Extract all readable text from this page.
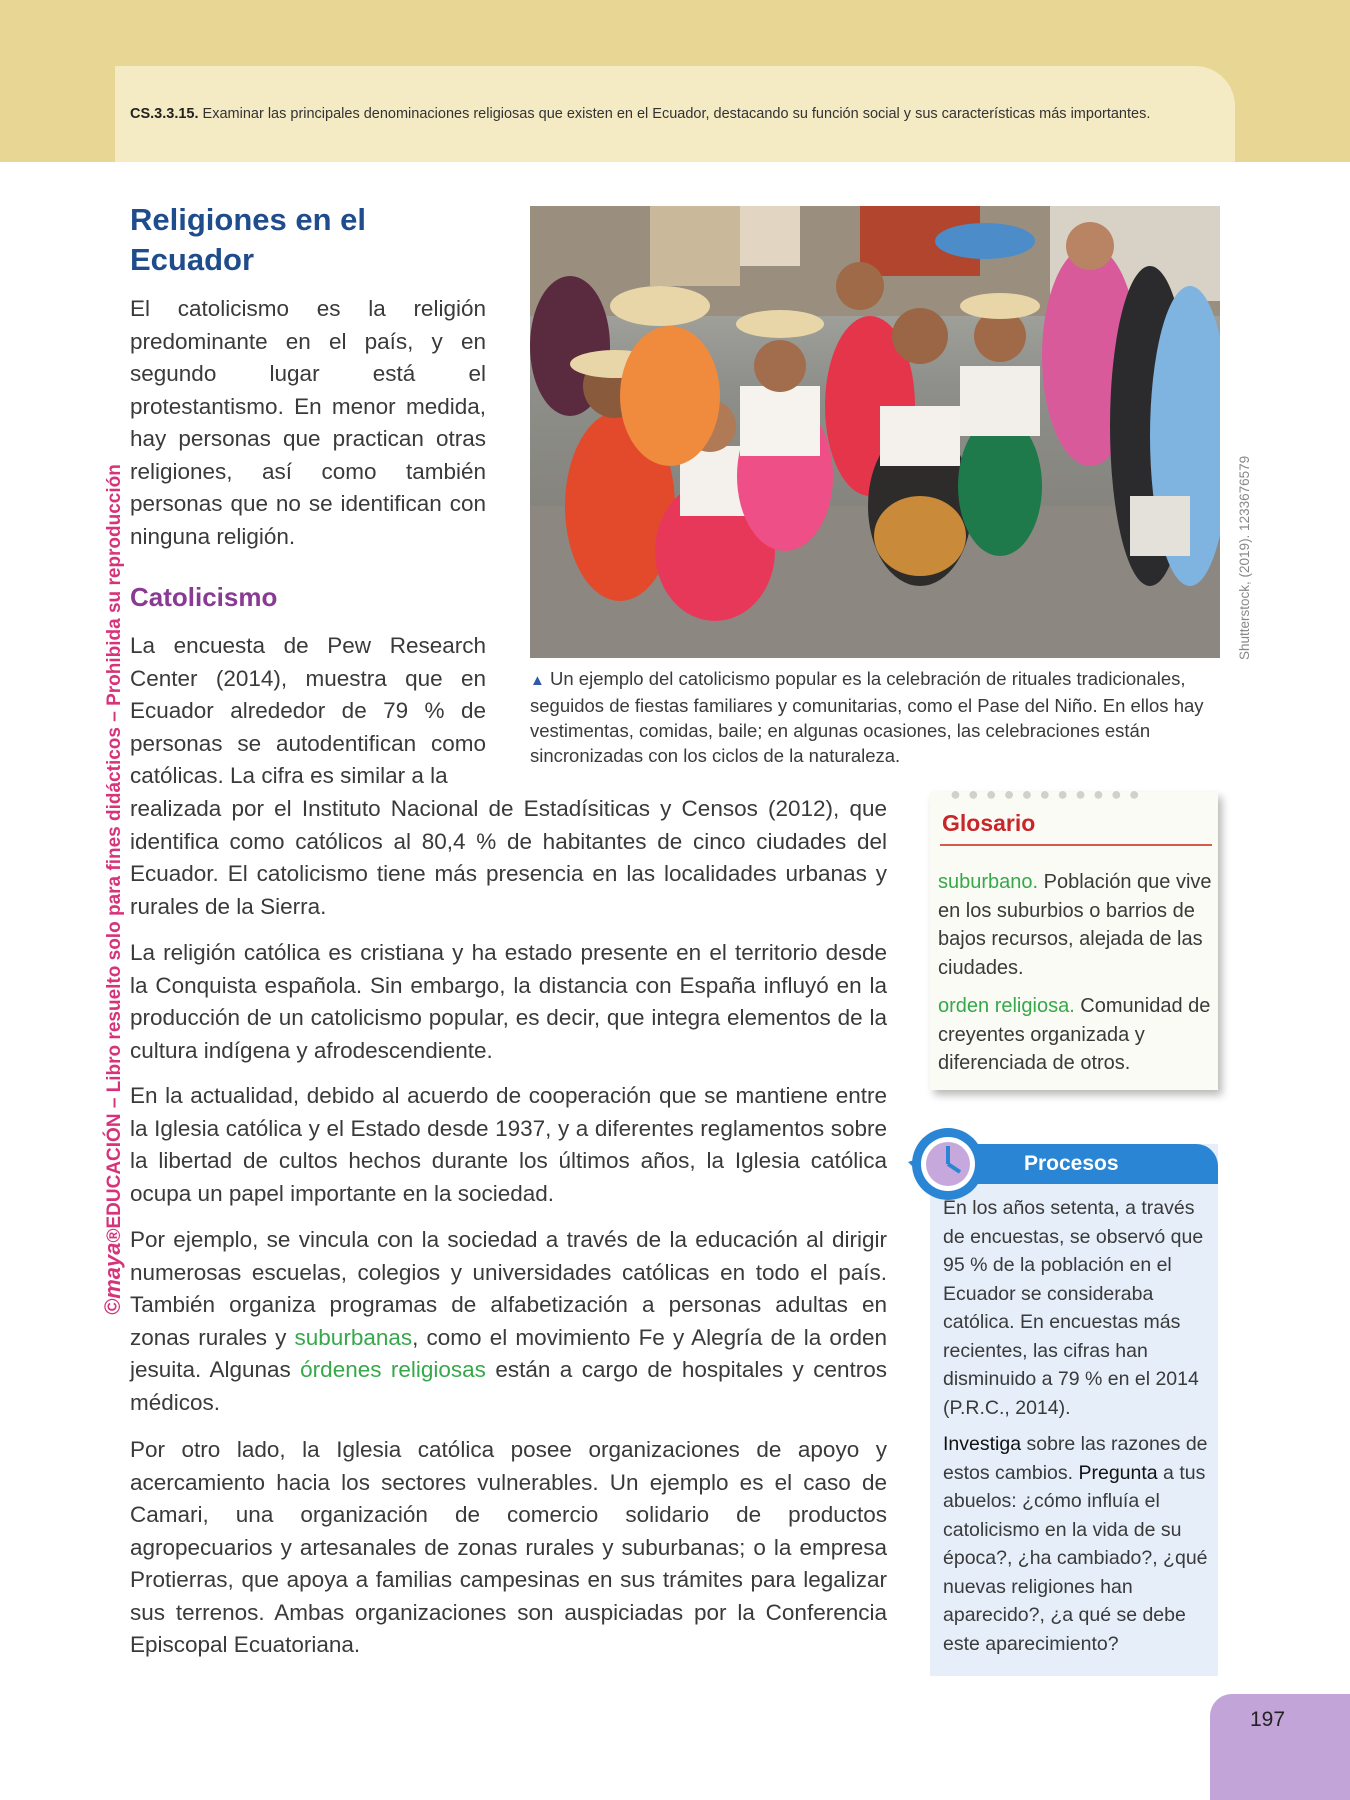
CS.3.3.15. Examinar las principales denominaciones religiosas que existen en el Ecuador, destacando su función social y sus características más importantes.

©maya®EDUCACIÓN – Libro resuelto solo para fines didácticos – Prohibida su reproducción
Religiones en el Ecuador

El catolicismo es la religión predominante en el país, y en segundo lugar está el protestantismo. En menor medida, hay personas que practican otras religiones, así como también personas que no se identifican con ninguna religión.

Catolicismo

La encuesta de Pew Research Center (2014), muestra que en Ecuador alrededor de 79 % de personas se autodentifican como católicas. La cifra es similar a la

realizada por el Instituto Nacional de Estadísiticas y Censos (2012), que identifica como católicos al 80,4 % de habitantes de cinco ciudades del Ecuador. El catolicismo tiene más presencia en las localidades urbanas y rurales de la Sierra.

La religión católica es cristiana y ha estado presente en el territorio desde la Conquista española. Sin embargo, la distancia con España influyó en la producción de un catolicismo popular, es decir, que integra elementos de la cultura indígena y afrodescendiente.

En la actualidad, debido al acuerdo de cooperación que se mantiene entre la Iglesia católica y el Estado desde 1937, y a diferentes reglamentos sobre la libertad de cultos hechos durante los últimos años, la Iglesia católica ocupa un papel importante en la sociedad.

Por ejemplo, se vincula con la sociedad a través de la educación al dirigir numerosas escuelas, colegios y universidades católicas en todo el país. También organiza programas de alfabetización a personas adultas en zonas rurales y suburbanas, como el movimiento Fe y Alegría de la orden jesuita. Algunas órdenes religiosas están a cargo de hospitales y centros médicos.

Por otro lado, la Iglesia católica posee organizaciones de apoyo y acercamiento hacia los sectores vulnerables. Un ejemplo es el caso de Camari, una organización de comercio solidario de productos agropecuarios y artesanales de zonas rurales y suburbanas; o la empresa Protierras, que apoya a familias campesinas en sus trámites para legalizar sus terrenos. Ambas organizaciones son auspiciadas por la Conferencia Episcopal Ecuatoriana.

Shutterstock, (2019). 1233676579

▲ Un ejemplo del catolicismo popular es la celebración de rituales tradicionales, seguidos de fiestas familiares y comunitarias, como el Pase del Niño. En ellos hay vestimentas, comidas, baile; en algunas ocasiones, las celebraciones están sincronizadas con los ciclos de la naturaleza.

●●●●●●●●●●●
Glosario

suburbano. Población que vive en los suburbios o barrios de bajos recursos, alejada de las ciudades.

orden religiosa. Comunidad de creyentes organizada y diferenciada de otros.

Procesos

En los años setenta, a través de encuestas, se observó que 95 % de la población en el Ecuador se consideraba católica. En encuestas más recientes, las cifras han disminuido a 79 % en el 2014 (P.R.C., 2014).

Investiga sobre las razones de estos cambios. Pregunta a tus abuelos: ¿cómo influía el catolicismo en la vida de su época?, ¿ha cambiado?, ¿qué nuevas religiones han aparecido?, ¿a qué se debe este aparecimiento?

197
